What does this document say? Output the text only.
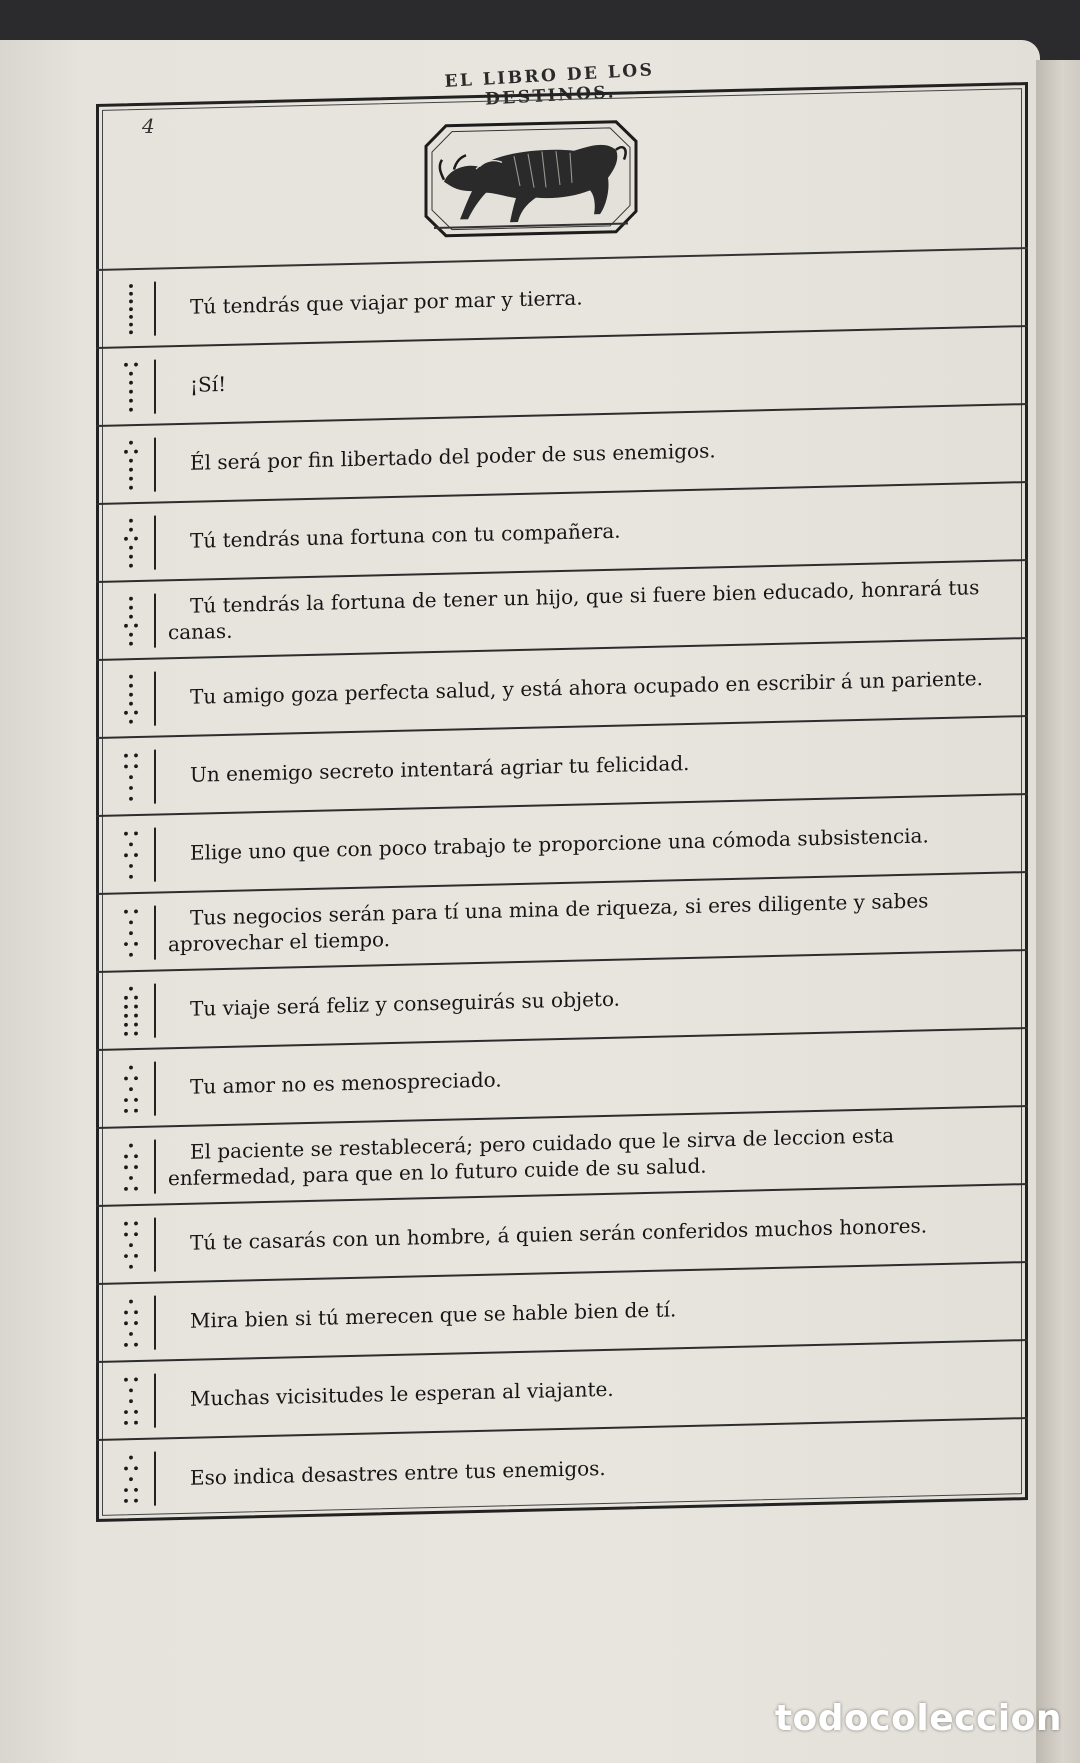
EL LIBRO DE LOS DESTINOS.
4
Tú tendrás que viajar por mar y tierra.
¡Sí!
Él será por fin libertado del poder de sus enemigos.
Tú tendrás una fortuna con tu compañera.
Tú tendrás la fortuna de tener un hijo, que si fuere bien educado, honrará tus canas.
Tu amigo goza perfecta salud, y está ahora ocupado en escribir á un pariente.
Un enemigo secreto intentará agriar tu felicidad.
Elige uno que con poco trabajo te proporcione una cómoda subsistencia.
Tus negocios serán para tí una mina de riqueza, si eres diligente y sabes aprovechar el tiempo.
Tu viaje será feliz y conseguirás su objeto.
Tu amor no es menospreciado.
El paciente se restablecerá; pero cuidado que le sirva de leccion esta enfermedad, para que en lo futuro cuide de su salud.
Tú te casarás con un hombre, á quien serán conferidos muchos honores.
Mira bien si tú merecen que se hable bien de tí.
Muchas vicisitudes le esperan al viajante.
Eso indica desastres entre tus enemigos.
todocoleccion
